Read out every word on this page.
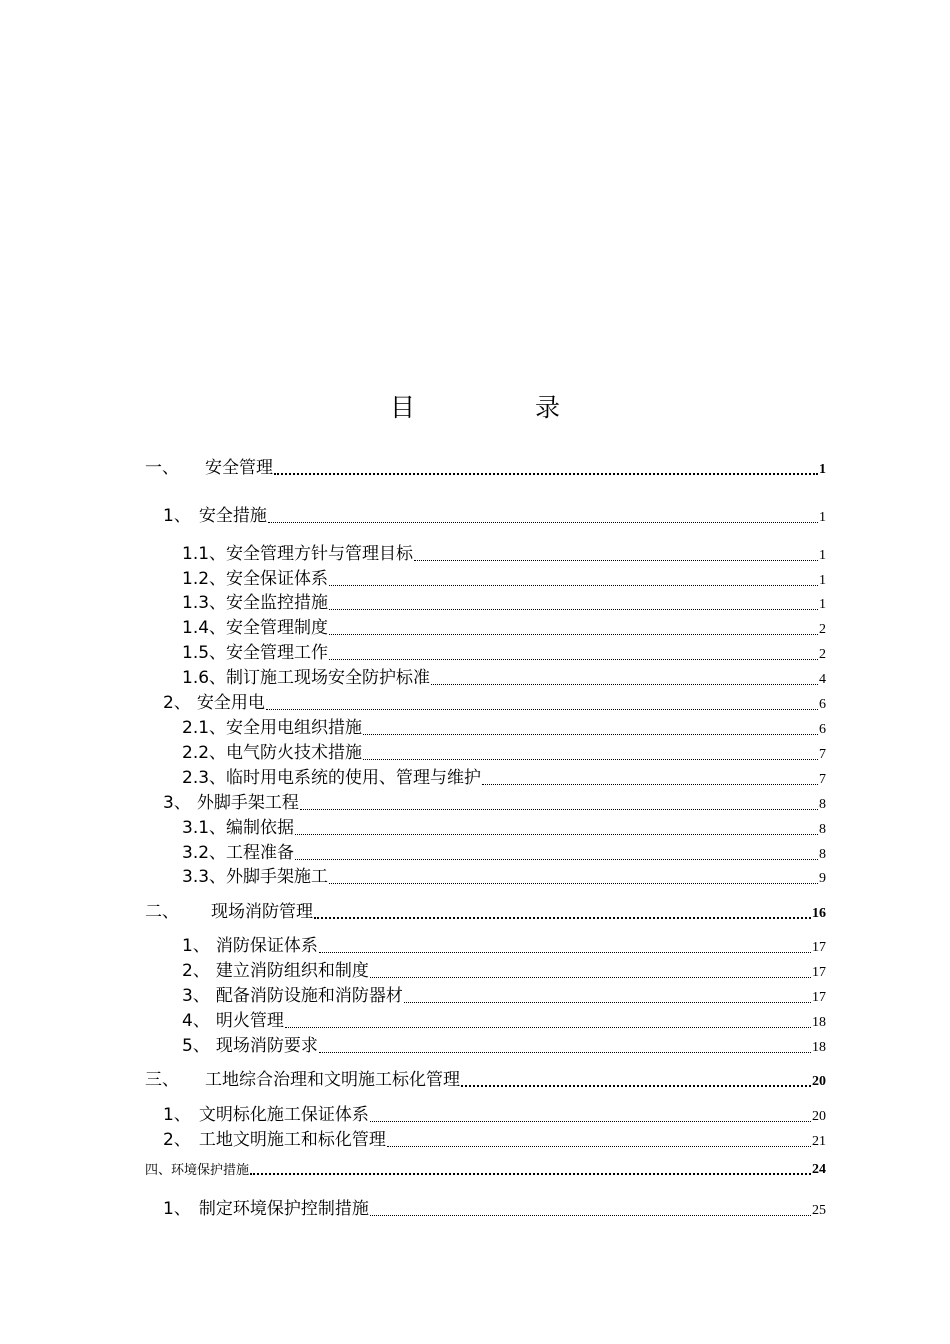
目 录
一、 安全管理	1
1、 安全措施	1
1.1、安全管理方针与管理目标	1
1.2、安全保证体系	1
1.3、安全监控措施	1
1.4、安全管理制度	2
1.5、安全管理工作	2
1.6、制订施工现场安全防护标准	4
2、 安全用电	6
2.1、安全用电组织措施	6
2.2、电气防火技术措施	7
2.3、临时用电系统的使用、管理与维护	7
3、 外脚手架工程	8
3.1、编制依据	8
3.2、工程准备	8
3.3、外脚手架施工	9
二、 现场消防管理	16
1、 消防保证体系	17
2、 建立消防组织和制度	17
3、 配备消防设施和消防器材	17
4、 明火管理	18
5、 现场消防要求	18
三、 工地综合治理和文明施工标化管理	20
1、 文明标化施工保证体系	20
2、 工地文明施工和标化管理	21
四、环境保护措施	24
1、 制定环境保护控制措施	25
